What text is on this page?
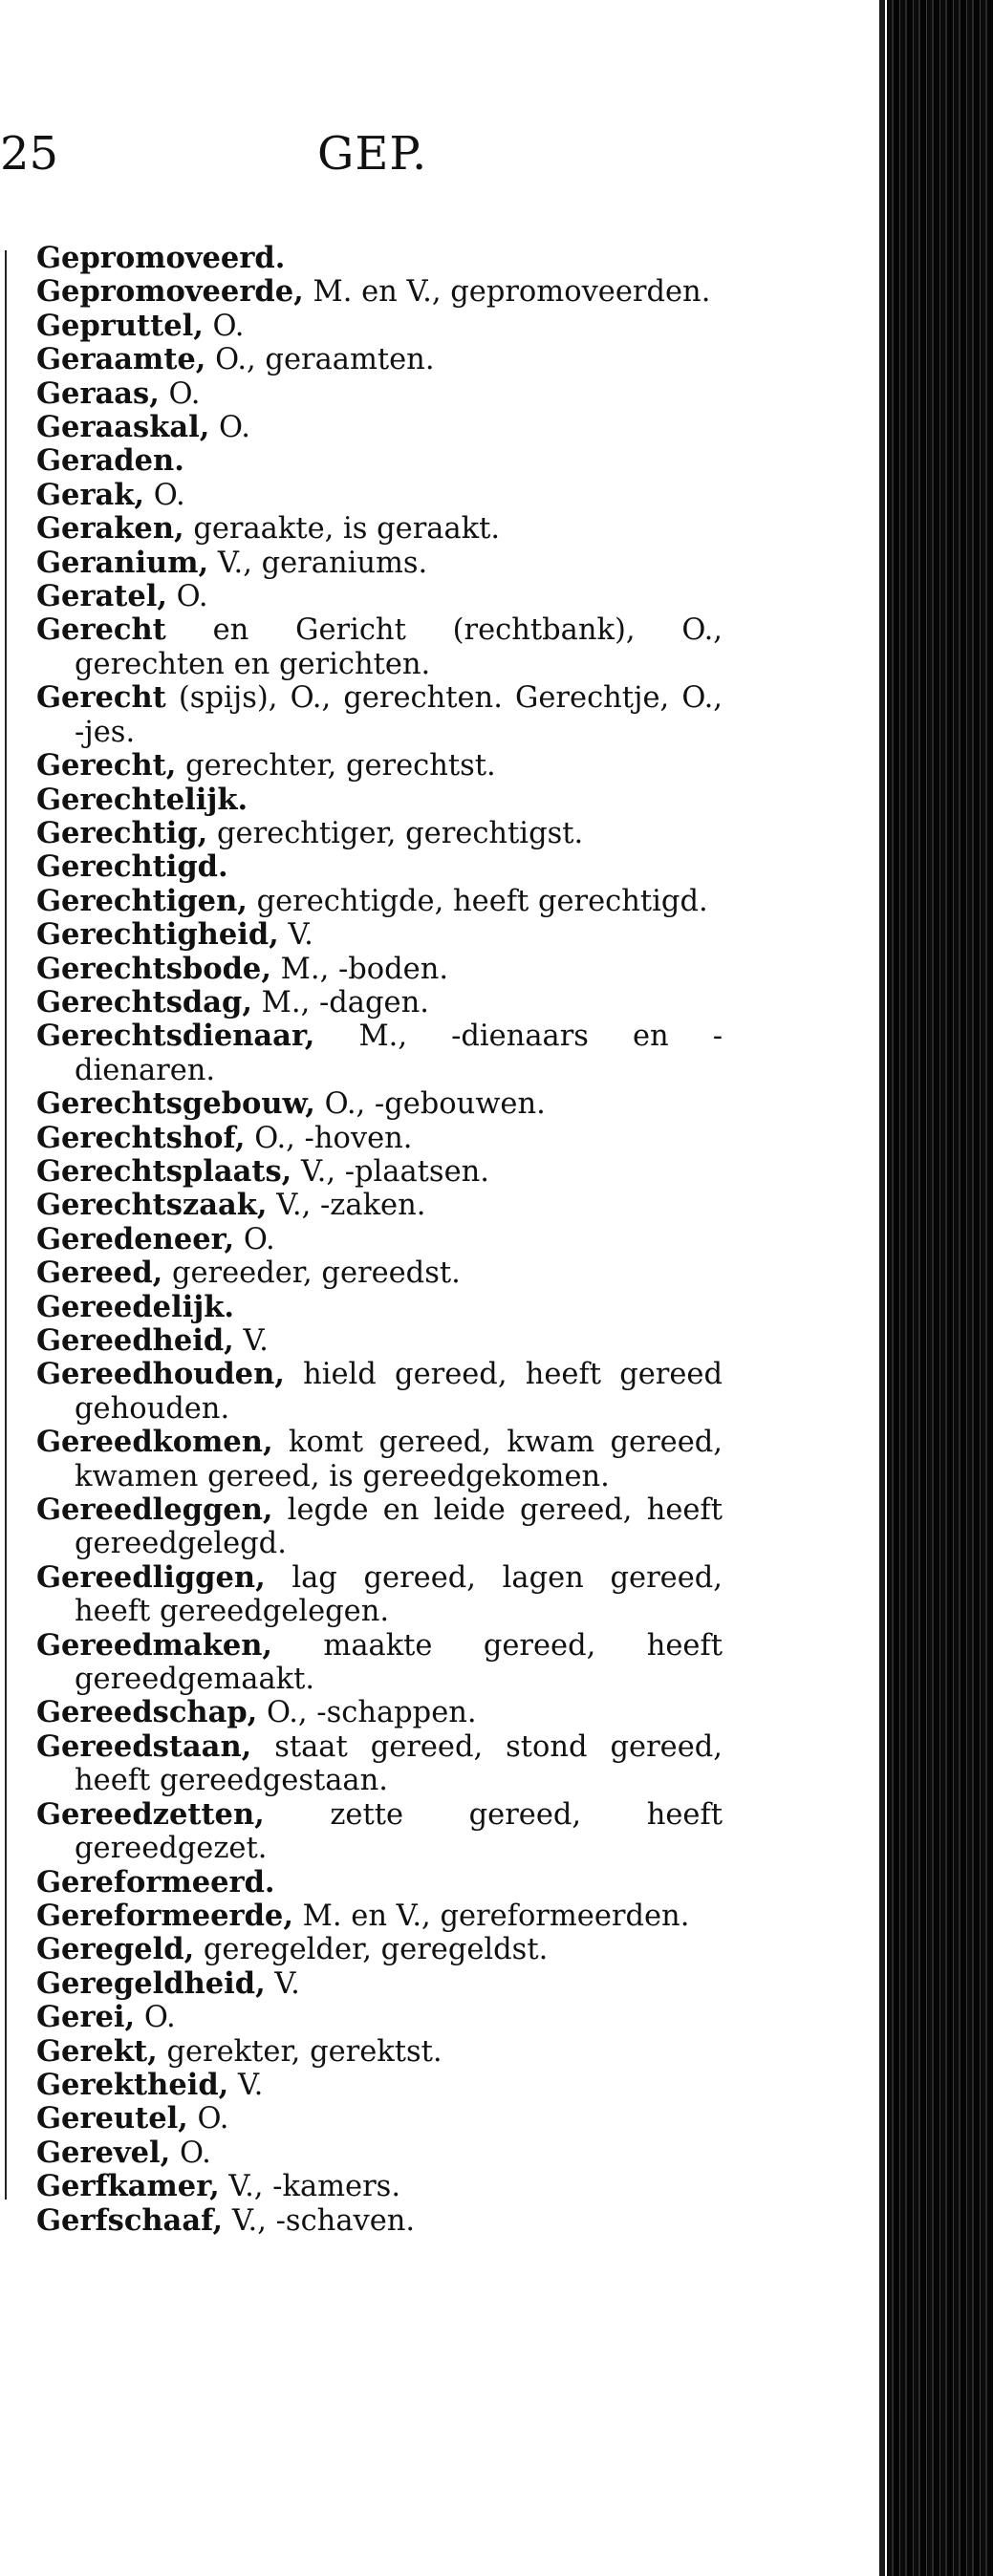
25	GEP.
Gepromoveerd.
Gepromoveerde, M. en V., gepromoveerden.
Gepruttel, O.
Geraamte, O., geraamten.
Geraas, O.
Geraaskal, O.
Geraden.
Gerak, O.
Geraken, geraakte, is geraakt.
Geranium, V., geraniums.
Geratel, O.
Gerecht en Gericht (rechtbank), O., gerechten en gerichten.
Gerecht (spijs), O., gerechten. Gerechtje, O., -jes.
Gerecht, gerechter, gerechtst.
Gerechtelijk.
Gerechtig, gerechtiger, gerechtigst.
Gerechtigd.
Gerechtigen, gerechtigde, heeft gerechtigd.
Gerechtigheid, V.
Gerechtsbode, M., -boden.
Gerechtsdag, M., -dagen.
Gerechtsdienaar, M., -dienaars en -dienaren.
Gerechtsgebouw, O., -gebouwen.
Gerechtshof, O., -hoven.
Gerechtsplaats, V., -plaatsen.
Gerechtszaak, V., -zaken.
Geredeneer, O.
Gereed, gereeder, gereedst.
Gereedelijk.
Gereedheid, V.
Gereedhouden, hield gereed, heeft gereed gehouden.
Gereedkomen, komt gereed, kwam gereed, kwamen gereed, is gereedgekomen.
Gereedleggen, legde en leide gereed, heeft gereedgelegd.
Gereedliggen, lag gereed, lagen gereed, heeft gereedgelegen.
Gereedmaken, maakte gereed, heeft gereedgemaakt.
Gereedschap, O., -schappen.
Gereedstaan, staat gereed, stond gereed, heeft gereedgestaan.
Gereedzetten, zette gereed, heeft gereedgezet.
Gereformeerd.
Gereformeerde, M. en V., gereformeerden.
Geregeld, geregelder, geregeldst.
Geregeldheid, V.
Gerei, O.
Gerekt, gerekter, gerektst.
Gerektheid, V.
Gereutel, O.
Gerevel, O.
Gerfkamer, V., -kamers.
Gerfschaaf, V., -schaven.
